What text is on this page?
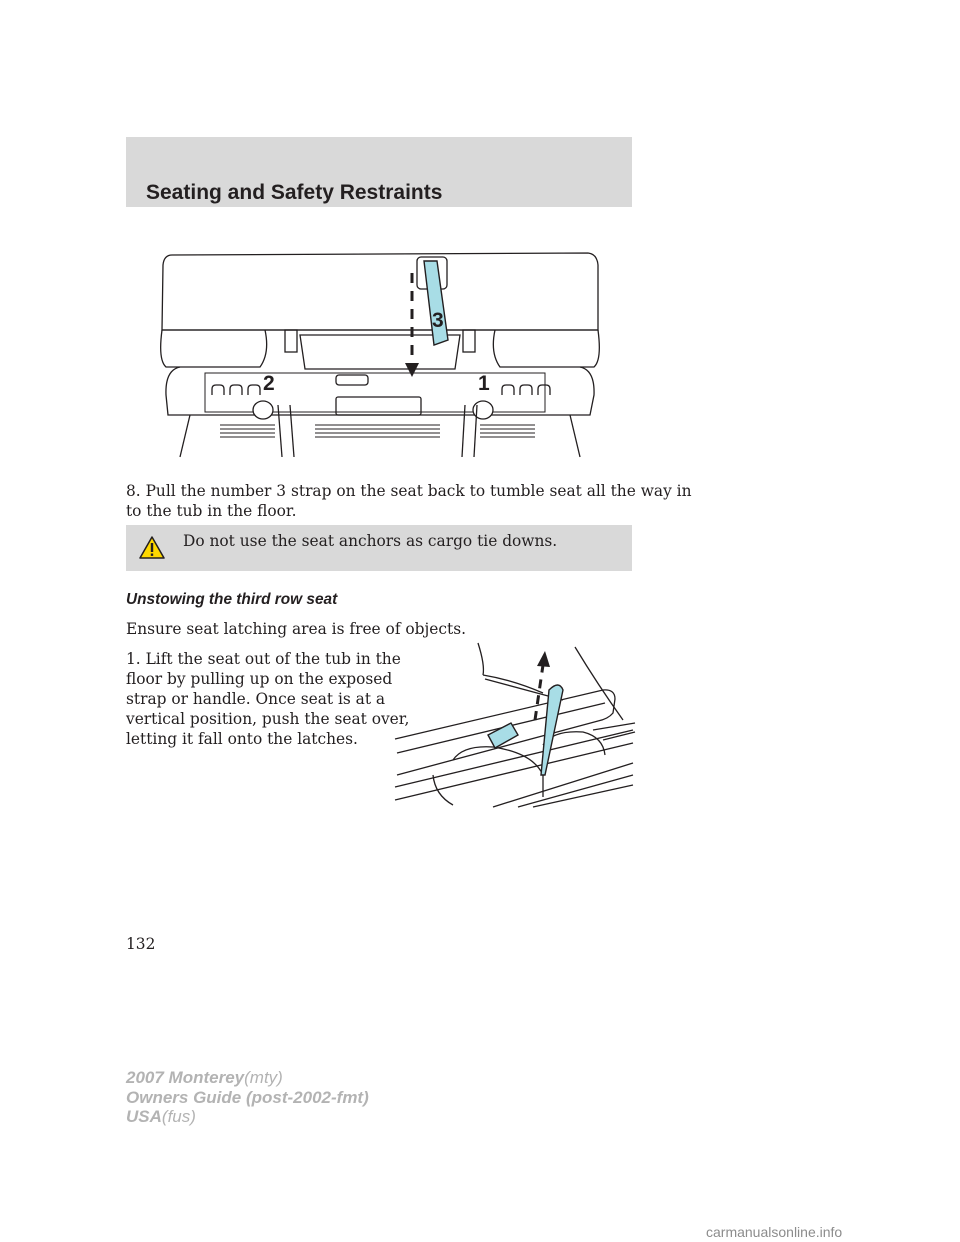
Seating and Safety Restraints
3
2	1

8. Pull the number 3 strap on the seat back to tumble seat all the way in

to the tub in the floor.

Do not use the seat anchors as cargo tie downs.

Unstowing the third row seat

Ensure seat latching area is free of objects.

1. Lift the seat out of the tub in the

floor by pulling up on the exposed

strap or handle. Once seat is at a

vertical position, push the seat over,

letting it fall onto the latches.

132

2007 Monterey(mty)
Owners Guide (post-2002-fmt)
USA(fus)

carmanualsonline.info
